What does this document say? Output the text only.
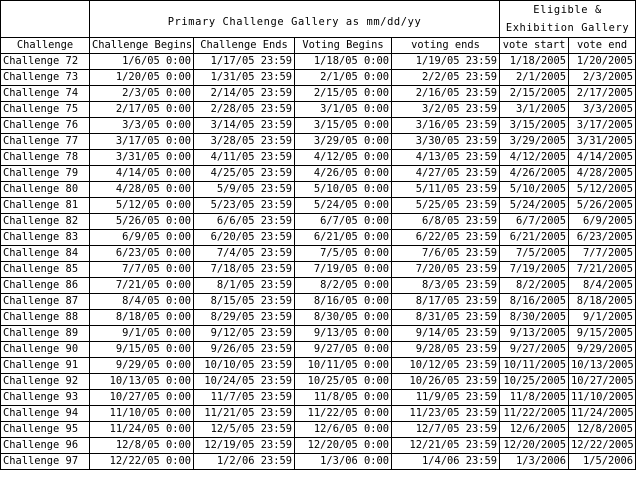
	Primary Challenge Gallery as mm/dd/yy				Eligible & Exhibition Gallery	
Challenge	Challenge Begins	Challenge Ends	Voting Begins	voting ends	vote start	vote end
Challenge 72	1/6/05 0:00	1/17/05 23:59	1/18/05 0:00	1/19/05 23:59	1/18/2005	1/20/2005
Challenge 73	1/20/05 0:00	1/31/05 23:59	2/1/05 0:00	2/2/05 23:59	2/1/2005	2/3/2005
Challenge 74	2/3/05 0:00	2/14/05 23:59	2/15/05 0:00	2/16/05 23:59	2/15/2005	2/17/2005
Challenge 75	2/17/05 0:00	2/28/05 23:59	3/1/05 0:00	3/2/05 23:59	3/1/2005	3/3/2005
Challenge 76	3/3/05 0:00	3/14/05 23:59	3/15/05 0:00	3/16/05 23:59	3/15/2005	3/17/2005
Challenge 77	3/17/05 0:00	3/28/05 23:59	3/29/05 0:00	3/30/05 23:59	3/29/2005	3/31/2005
Challenge 78	3/31/05 0:00	4/11/05 23:59	4/12/05 0:00	4/13/05 23:59	4/12/2005	4/14/2005
Challenge 79	4/14/05 0:00	4/25/05 23:59	4/26/05 0:00	4/27/05 23:59	4/26/2005	4/28/2005
Challenge 80	4/28/05 0:00	5/9/05 23:59	5/10/05 0:00	5/11/05 23:59	5/10/2005	5/12/2005
Challenge 81	5/12/05 0:00	5/23/05 23:59	5/24/05 0:00	5/25/05 23:59	5/24/2005	5/26/2005
Challenge 82	5/26/05 0:00	6/6/05 23:59	6/7/05 0:00	6/8/05 23:59	6/7/2005	6/9/2005
Challenge 83	6/9/05 0:00	6/20/05 23:59	6/21/05 0:00	6/22/05 23:59	6/21/2005	6/23/2005
Challenge 84	6/23/05 0:00	7/4/05 23:59	7/5/05 0:00	7/6/05 23:59	7/5/2005	7/7/2005
Challenge 85	7/7/05 0:00	7/18/05 23:59	7/19/05 0:00	7/20/05 23:59	7/19/2005	7/21/2005
Challenge 86	7/21/05 0:00	8/1/05 23:59	8/2/05 0:00	8/3/05 23:59	8/2/2005	8/4/2005
Challenge 87	8/4/05 0:00	8/15/05 23:59	8/16/05 0:00	8/17/05 23:59	8/16/2005	8/18/2005
Challenge 88	8/18/05 0:00	8/29/05 23:59	8/30/05 0:00	8/31/05 23:59	8/30/2005	9/1/2005
Challenge 89	9/1/05 0:00	9/12/05 23:59	9/13/05 0:00	9/14/05 23:59	9/13/2005	9/15/2005
Challenge 90	9/15/05 0:00	9/26/05 23:59	9/27/05 0:00	9/28/05 23:59	9/27/2005	9/29/2005
Challenge 91	9/29/05 0:00	10/10/05 23:59	10/11/05 0:00	10/12/05 23:59	10/11/2005	10/13/2005
Challenge 92	10/13/05 0:00	10/24/05 23:59	10/25/05 0:00	10/26/05 23:59	10/25/2005	10/27/2005
Challenge 93	10/27/05 0:00	11/7/05 23:59	11/8/05 0:00	11/9/05 23:59	11/8/2005	11/10/2005
Challenge 94	11/10/05 0:00	11/21/05 23:59	11/22/05 0:00	11/23/05 23:59	11/22/2005	11/24/2005
Challenge 95	11/24/05 0:00	12/5/05 23:59	12/6/05 0:00	12/7/05 23:59	12/6/2005	12/8/2005
Challenge 96	12/8/05 0:00	12/19/05 23:59	12/20/05 0:00	12/21/05 23:59	12/20/2005	12/22/2005
Challenge 97	12/22/05 0:00	1/2/06 23:59	1/3/06 0:00	1/4/06 23:59	1/3/2006	1/5/2006
